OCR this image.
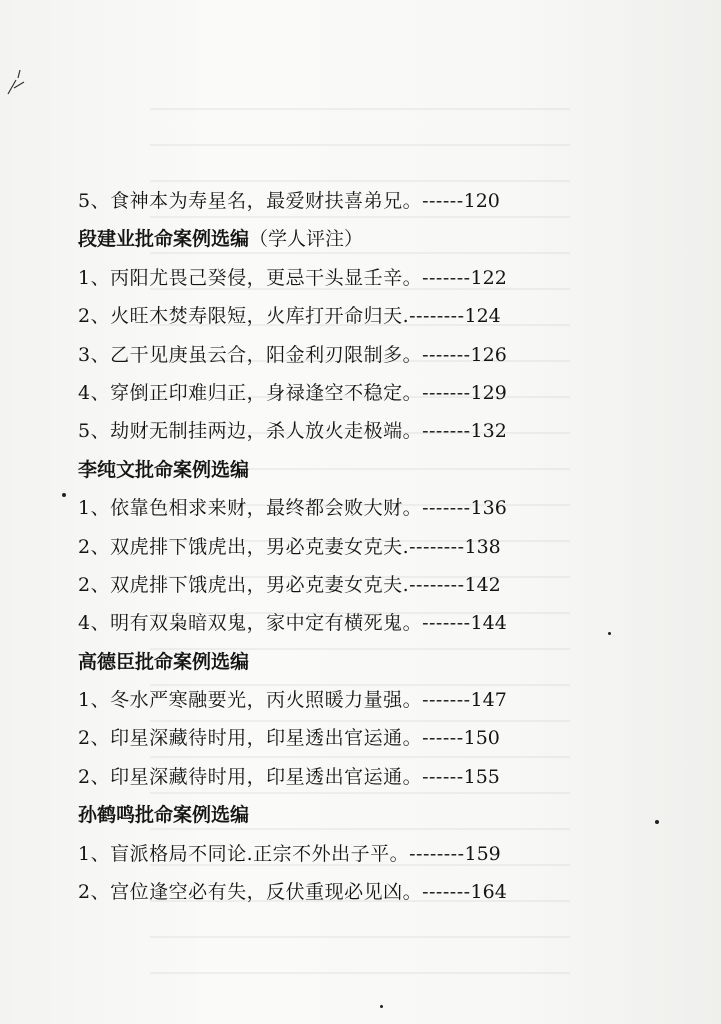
5、食神本为寿星名，最爱财扶喜弟兄。------120
段建业批命案例选编（学人评注）
1、丙阳尤畏己癸侵，更忌干头显壬辛。-------122
2、火旺木焚寿限短，火库打开命归天.--------124
3、乙干见庚虽云合，阳金利刃限制多。-------126
4、穿倒正印难归正，身禄逢空不稳定。-------129
5、劫财无制挂两边，杀人放火走极端。-------132
李纯文批命案例选编
1、依靠色相求来财，最终都会败大财。-------136
2、双虎排下饿虎出，男必克妻女克夫.--------138
2、双虎排下饿虎出，男必克妻女克夫.--------142
4、明有双枭暗双鬼，家中定有横死鬼。-------144
高德臣批命案例选编
1、冬水严寒融要光，丙火照暖力量强。-------147
2、印星深藏待时用，印星透出官运通。------150
2、印星深藏待时用，印星透出官运通。------155
孙鹤鸣批命案例选编
1、盲派格局不同论.正宗不外出子平。--------159
2、宫位逢空必有失，反伏重现必见凶。-------164
